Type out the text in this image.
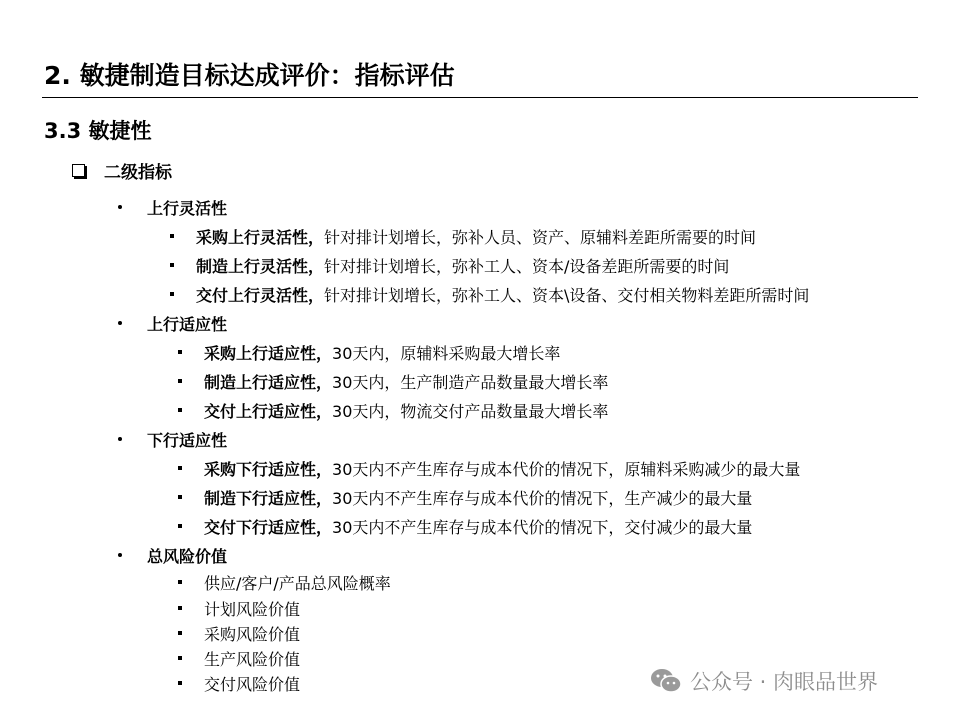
2. 敏捷制造目标达成评价：指标评估
3.3 敏捷性
二级指标
上行灵活性
采购上行灵活性， 针对排计划增长，弥补人员、资产、原辅料差距所需要的时间
制造上行灵活性， 针对排计划增长，弥补工人、资本/设备差距所需要的时间
交付上行灵活性， 针对排计划增长，弥补工人、资本\设备、交付相关物料差距所需时间
上行适应性
采购上行适应性， 30天内，原辅料采购最大增长率
制造上行适应性， 30天内，生产制造产品数量最大增长率
交付上行适应性， 30天内，物流交付产品数量最大增长率
下行适应性
采购下行适应性， 30天内不产生库存与成本代价的情况下，原辅料采购减少的最大量
制造下行适应性， 30天内不产生库存与成本代价的情况下，生产减少的最大量
交付下行适应性， 30天内不产生库存与成本代价的情况下，交付减少的最大量
总风险价值
供应/客户/产品总风险概率
计划风险价值
采购风险价值
生产风险价值
交付风险价值	公众号 · 肉眼品世界
